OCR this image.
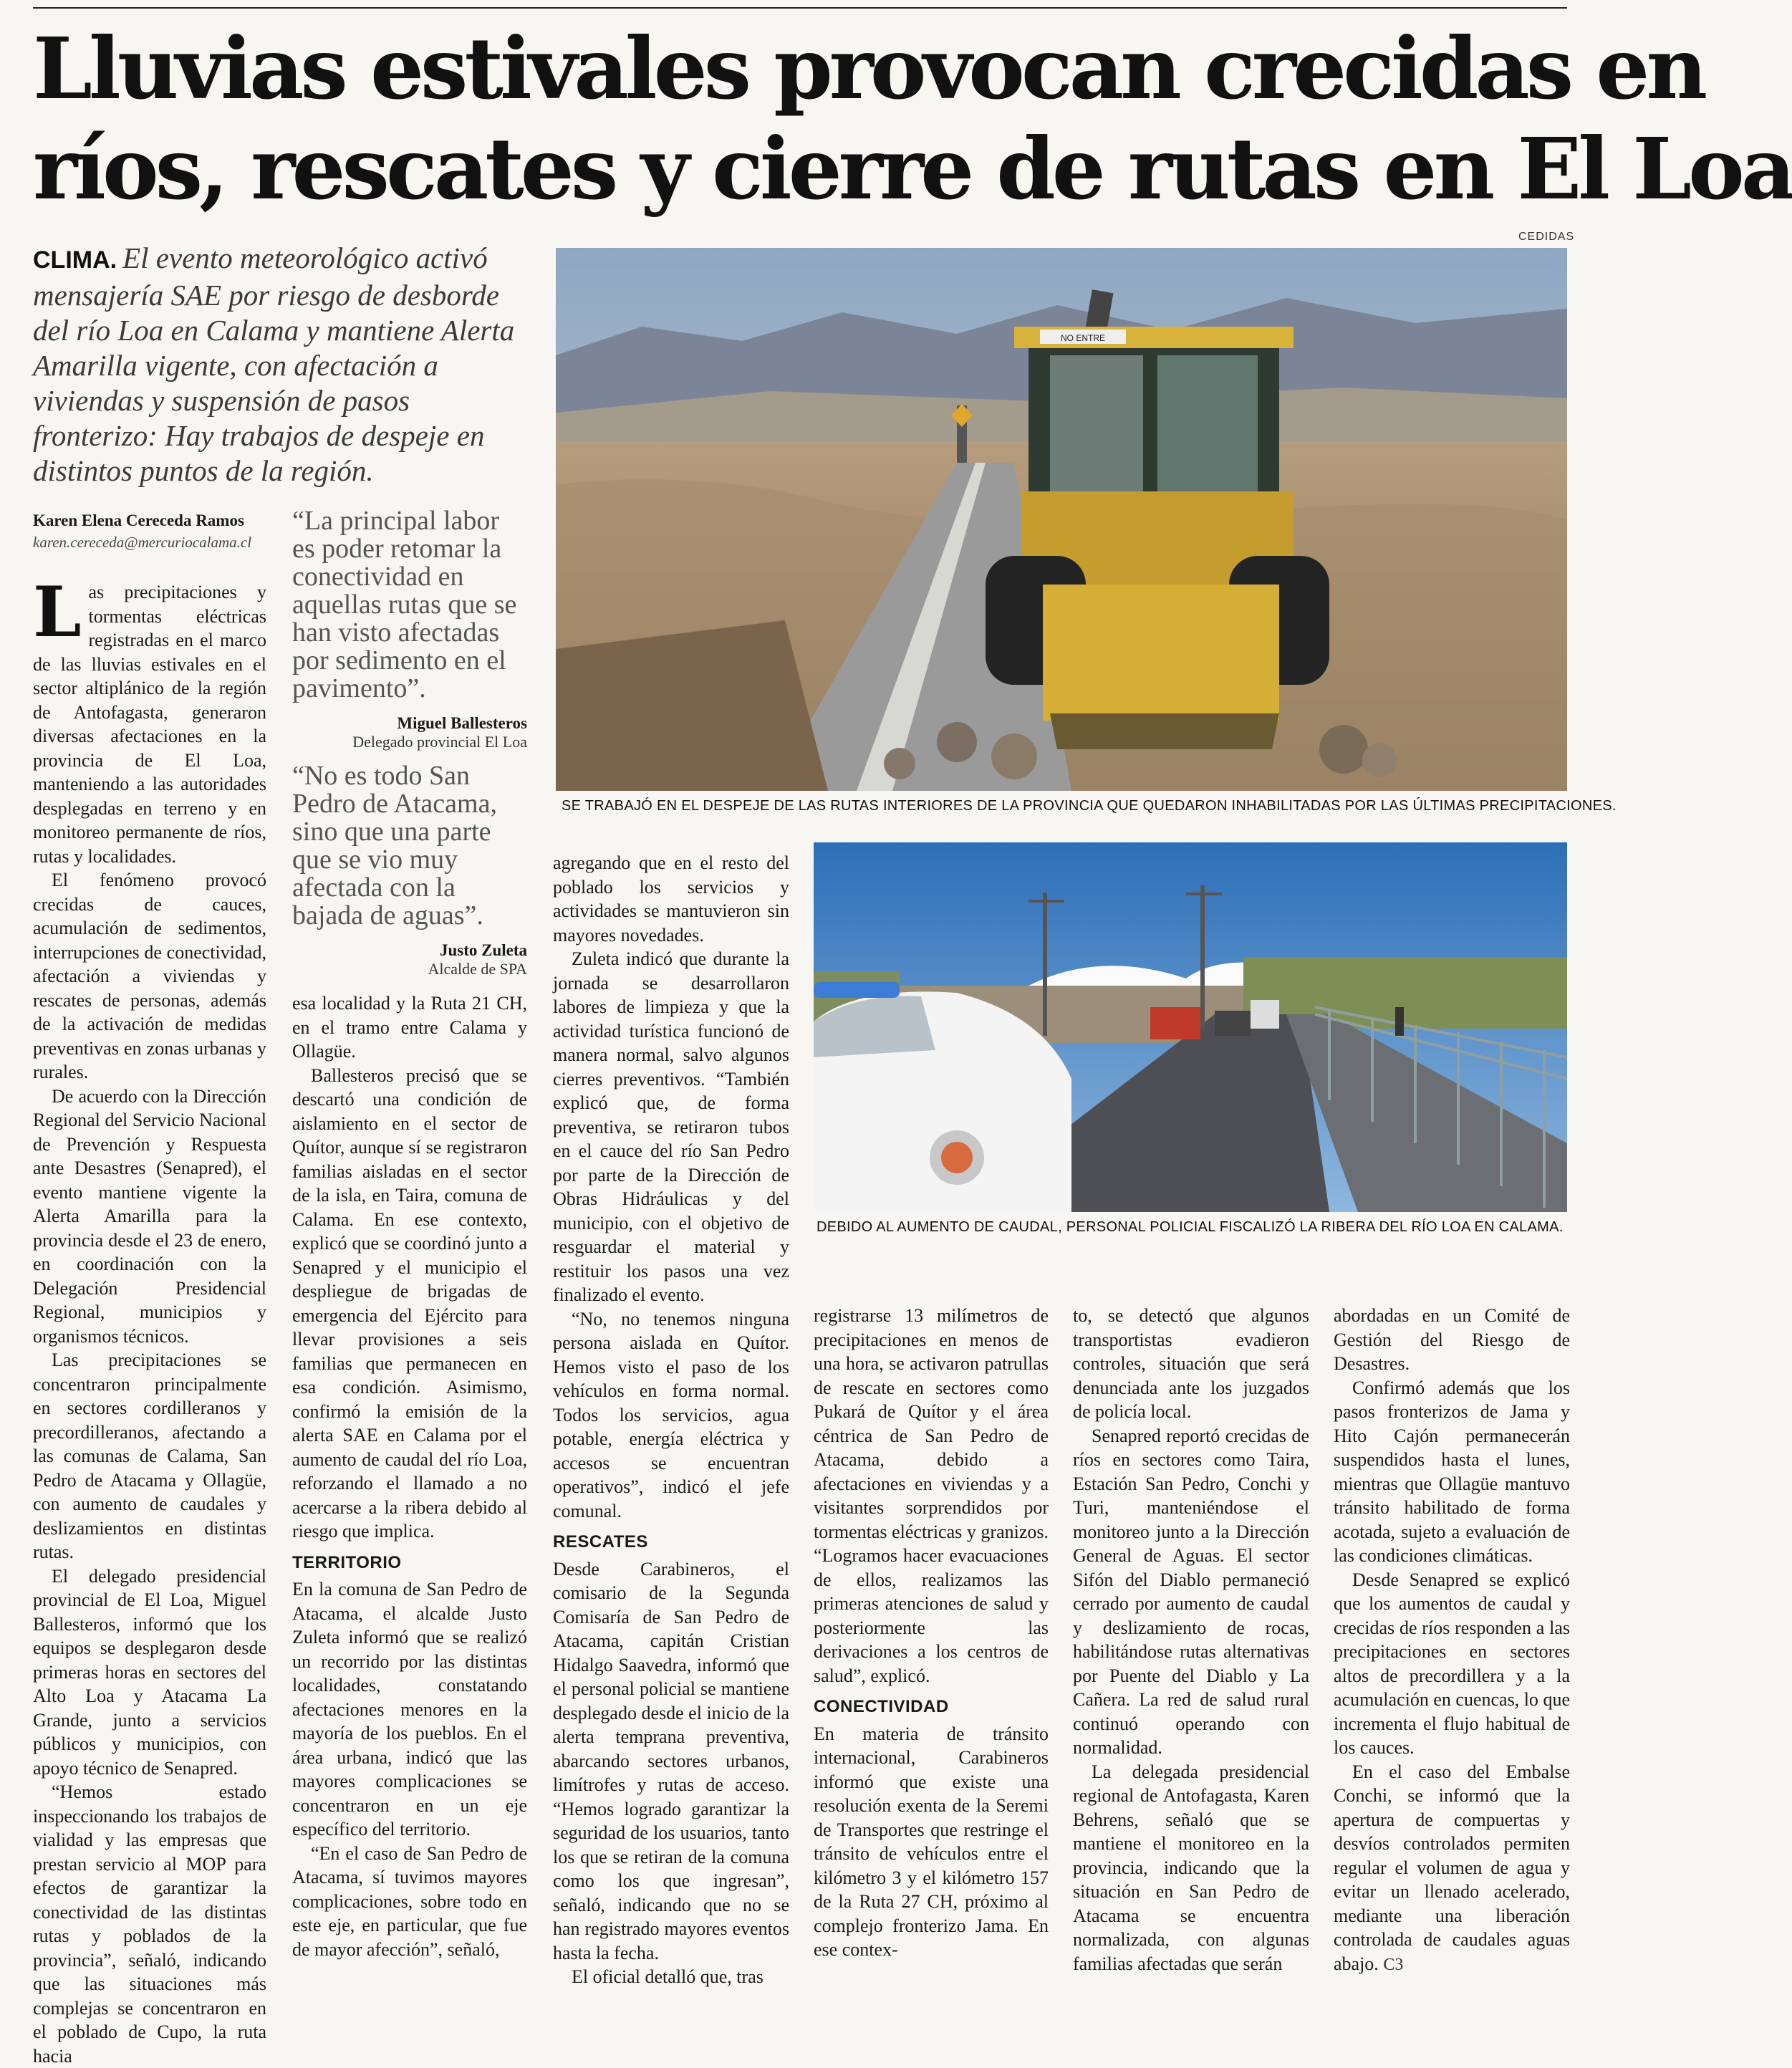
Lluvias estivales provocan crecidas en
ríos, rescates y cierre de rutas en El Loa
CEDIDAS
CLIMA. El evento meteorológico activó mensajería SAE por riesgo de desborde del río Loa en Calama y mantiene Alerta Amarilla vigente, con afectación a viviendas y suspensión de pasos fronterizo: Hay trabajos de despeje en distintos puntos de la región.
Karen Elena Cereceda Ramos
karen.cereceda@mercuriocalama.cl
“La principal labor es poder retomar la conectividad en aquellas rutas que se han visto afectadas por sedimento en el pavimento”.
Miguel Ballesteros
Delegado provincial El Loa
“No es todo San Pedro de Atacama, sino que una parte que se vio muy afectada con la bajada de aguas”.
Justo Zuleta
Alcalde de SPA
NO ENTRE
SE TRABAJÓ EN EL DESPEJE DE LAS RUTAS INTERIORES DE LA PROVINCIA QUE QUEDARON INHABILITADAS POR LAS ÚLTIMAS PRECIPITACIONES.
DEBIDO AL AUMENTO DE CAUDAL, PERSONAL POLICIAL FISCALIZÓ LA RIBERA DEL RÍO LOA EN CALAMA.

Las precipitaciones y tormentas eléctricas registradas en el marco de las lluvias estivales en el sector altiplánico de la región de Antofagasta, generaron diversas afectaciones en la provincia de El Loa, manteniendo a las autoridades desplegadas en terreno y en monitoreo permanente de ríos, rutas y localidades.

El fenómeno provocó crecidas de cauces, acumulación de sedimentos, interrupciones de conectividad, afectación a viviendas y rescates de personas, además de la activación de medidas preventivas en zonas urbanas y rurales.

De acuerdo con la Dirección Regional del Servicio Nacional de Prevención y Respuesta ante Desastres (Senapred), el evento mantiene vigente la Alerta Amarilla para la provincia desde el 23 de enero, en coordinación con la Delegación Presidencial Regional, municipios y organismos técnicos.

Las precipitaciones se concentraron principalmente en sectores cordilleranos y precordilleranos, afectando a las comunas de Calama, San Pedro de Atacama y Ollagüe, con aumento de caudales y deslizamientos en distintas rutas.

El delegado presidencial provincial de El Loa, Miguel Ballesteros, informó que los equipos se desplegaron desde primeras horas en sectores del Alto Loa y Atacama La Grande, junto a servicios públicos y municipios, con apoyo técnico de Senapred.

“Hemos estado inspeccionando los trabajos de vialidad y las empresas que prestan servicio al MOP para efectos de garantizar la conectividad de las distintas rutas y poblados de la provincia”, señaló, indicando que las situaciones más complejas se concentraron en el poblado de Cupo, la ruta hacia

esa localidad y la Ruta 21 CH, en el tramo entre Calama y Ollagüe.

Ballesteros precisó que se descartó una condición de aislamiento en el sector de Quítor, aunque sí se registraron familias aisladas en el sector de la isla, en Taira, comuna de Calama. En ese contexto, explicó que se coordinó junto a Senapred y el municipio el despliegue de brigadas de emergencia del Ejército para llevar provisiones a seis familias que permanecen en esa condición. Asimismo, confirmó la emisión de la alerta SAE en Calama por el aumento de caudal del río Loa, reforzando el llamado a no acercarse a la ribera debido al riesgo que implica.

TERRITORIO

En la comuna de San Pedro de Atacama, el alcalde Justo Zuleta informó que se realizó un recorrido por las distintas localidades, constatando afectaciones menores en la mayoría de los pueblos. En el área urbana, indicó que las mayores complicaciones se concentraron en un eje específico del territorio.

“En el caso de San Pedro de Atacama, sí tuvimos mayores complicaciones, sobre todo en este eje, en particular, que fue de mayor afección”, señaló,

agregando que en el resto del poblado los servicios y actividades se mantuvieron sin mayores novedades.

Zuleta indicó que durante la jornada se desarrollaron labores de limpieza y que la actividad turística funcionó de manera normal, salvo algunos cierres preventivos. “También explicó que, de forma preventiva, se retiraron tubos en el cauce del río San Pedro por parte de la Dirección de Obras Hidráulicas y del municipio, con el objetivo de resguardar el material y restituir los pasos una vez finalizado el evento.

“No, no tenemos ninguna persona aislada en Quítor. Hemos visto el paso de los vehículos en forma normal. Todos los servicios, agua potable, energía eléctrica y accesos se encuentran operativos”, indicó el jefe comunal.

RESCATES

Desde Carabineros, el comisario de la Segunda Comisaría de San Pedro de Atacama, capitán Cristian Hidalgo Saavedra, informó que el personal policial se mantiene desplegado desde el inicio de la alerta temprana preventiva, abarcando sectores urbanos, limítrofes y rutas de acceso. “Hemos logrado garantizar la seguridad de los usuarios, tanto los que se retiran de la comuna como los que ingresan”, señaló, indicando que no se han registrado mayores eventos hasta la fecha.

El oficial detalló que, tras

registrarse 13 milímetros de precipitaciones en menos de una hora, se activaron patrullas de rescate en sectores como Pukará de Quítor y el área céntrica de San Pedro de Atacama, debido a afectaciones en viviendas y a visitantes sorprendidos por tormentas eléctricas y granizos. “Logramos hacer evacuaciones de ellos, realizamos las primeras atenciones de salud y posteriormente las derivaciones a los centros de salud”, explicó.

CONECTIVIDAD

En materia de tránsito internacional, Carabineros informó que existe una resolución exenta de la Seremi de Transportes que restringe el tránsito de vehículos entre el kilómetro 3 y el kilómetro 157 de la Ruta 27 CH, próximo al complejo fronterizo Jama. En ese contex-

to, se detectó que algunos transportistas evadieron controles, situación que será denunciada ante los juzgados de policía local.

Senapred reportó crecidas de ríos en sectores como Taira, Estación San Pedro, Conchi y Turi, manteniéndose el monitoreo junto a la Dirección General de Aguas. El sector Sifón del Diablo permaneció cerrado por aumento de caudal y deslizamiento de rocas, habilitándose rutas alternativas por Puente del Diablo y La Cañera. La red de salud rural continuó operando con normalidad.

La delegada presidencial regional de Antofagasta, Karen Behrens, señaló que se mantiene el monitoreo en la provincia, indicando que la situación en San Pedro de Atacama se encuentra normalizada, con algunas familias afectadas que serán

abordadas en un Comité de Gestión del Riesgo de Desastres.

Confirmó además que los pasos fronterizos de Jama y Hito Cajón permanecerán suspendidos hasta el lunes, mientras que Ollagüe mantuvo tránsito habilitado de forma acotada, sujeto a evaluación de las condiciones climáticas.

Desde Senapred se explicó que los aumentos de caudal y crecidas de ríos responden a las precipitaciones en sectores altos de precordillera y a la acumulación en cuencas, lo que incrementa el flujo habitual de los cauces.

En el caso del Embalse Conchi, se informó que la apertura de compuertas y desvíos controlados permiten regular el volumen de agua y evitar un llenado acelerado, mediante una liberación controlada de caudales aguas abajo. C3
